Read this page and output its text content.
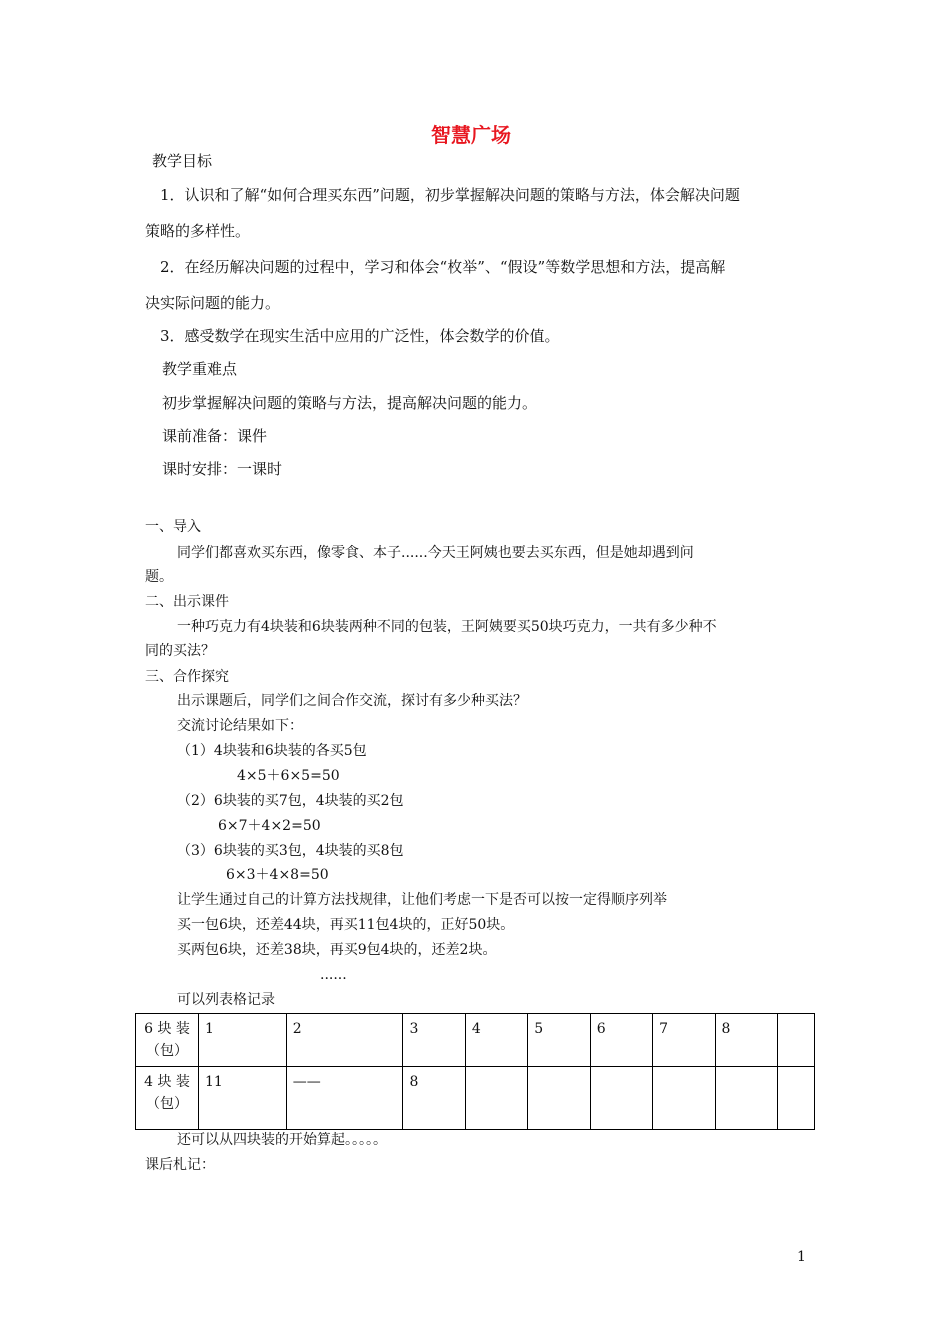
智慧广场
教学目标
1．认识和了解“如何合理买东西”问题，初步掌握解决问题的策略与方法，体会解决问题
策略的多样性。
2．在经历解决问题的过程中，学习和体会“枚举”、“假设”等数学思想和方法，提高解
决实际问题的能力。
3．感受数学在现实生活中应用的广泛性，体会数学的价值。
教学重难点
初步掌握解决问题的策略与方法，提高解决问题的能力。
课前准备：课件
课时安排：一课时
一、导入
同学们都喜欢买东西，像零食、本子......今天王阿姨也要去买东西，但是她却遇到问
题。
二、出示课件
一种巧克力有4块装和6块装两种不同的包装，王阿姨要买50块巧克力，一共有多少种不
同的买法？
三、合作探究
出示课题后，同学们之间合作交流，探讨有多少种买法？
交流讨论结果如下：
（1）4块装和6块装的各买5包
4×5＋6×5=50
（2）6块装的买7包，4块装的买2包
6×7＋4×2=50
（3）6块装的买3包，4块装的买8包
6×3＋4×8=50
让学生通过自己的计算方法找规律，让他们考虑一下是否可以按一定得顺序列举
买一包6块，还差44块，再买11包4块的，正好50块。
买两包6块，还差38块，再买9包4块的，还差2块。
......
可以列表格记录
6 块 装
（包）	1	2	3	4	5	6	7	8	

4 块 装
（包）	11	——	8						
还可以从四块装的开始算起。。。。。
课后札记：
1
